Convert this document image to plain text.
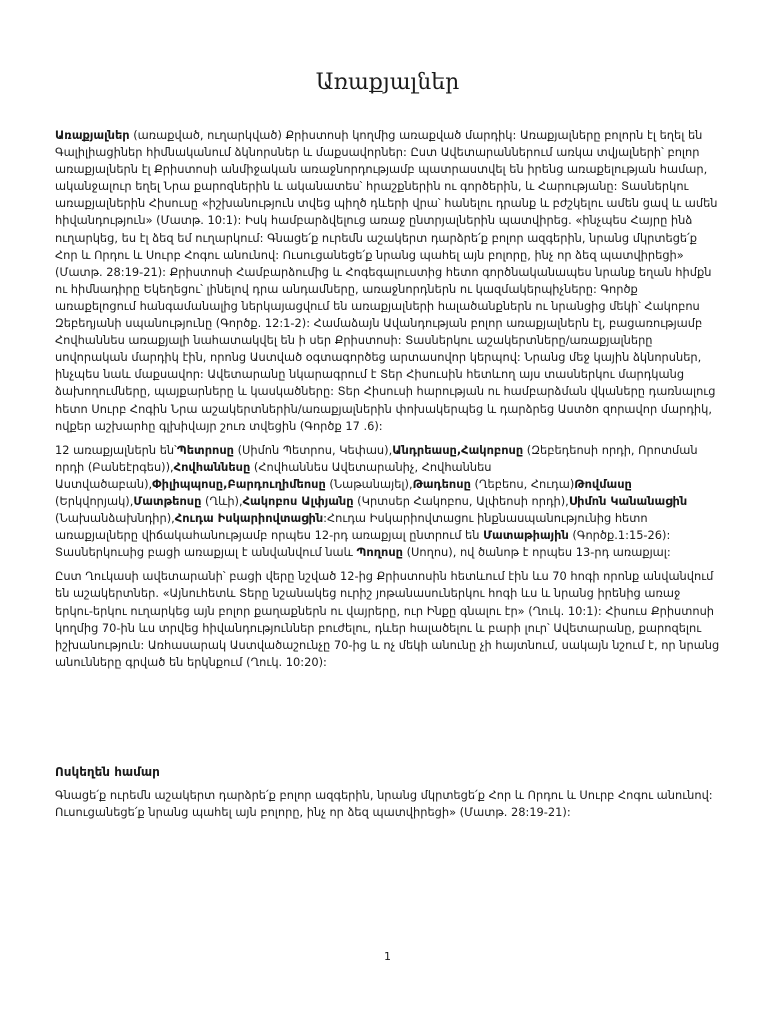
Առաքյալներ

Առաքյալներ (առաքված, ուղարկված) Քրիստոսի կողմից առաքված մարդիկ: Առաքյալները բոլորն էլ եղել են Գալիլիացիներ հիմնականում ձկնորսներ և մաքսավորներ: Ըստ Ավետարաններում առկա տվյալների՝ բոլոր առաքյալներն էլ Քրիստոսի անմիջական առաջնորդությամբ պատրաստվել են իրենց առաքելության համար, ականջալուր եղել Նրա քարոզներին և ականատես՝ հրաշքներին ու գործերին, և Հարությանը: Տասներկու առաքյալներին Հիսուսը «իշխանություն տվեց պիղծ դևերի վրա՝ հանելու դրանք և բժշկելու ամեն ցավ և ամեն հիվանդություն» (Մատթ. 10:1): Իսկ համբարձվելուց առաջ ընտրյալներին պատվիրեց. «ինչպես Հայրը ինձ ուղարկեց, ես էլ ձեզ եմ ուղարկում: Գնացե՛ք ուրեմն աշակերտ դարձրե՛ք բոլոր ազգերին, նրանց մկրտեցե՛ք Հոր և Որդու և Սուրբ Հոգու անունով: Ուսուցանեցե՛ք նրանց պահել այն բոլորը, ինչ որ ձեզ պատվիրեցի» (Մատթ. 28:19-21): Քրիստոսի Համբարձումից և Հոգեգալուստից հետո գործնականապես նրանք եղան հիմքն ու հիմնադիրը Եկեղեցու՝ լինելով դրա անդամները, առաջնորդներն ու կազմակերպիչները: Գործք առաքելոցում հանգամանալից ներկայացվում են առաքյալների հալածանքներն ու նրանցից մեկի՝ Հակոբոս Զեբեդյանի սպանությունը (Գործք. 12:1-2): Համաձայն Ավանդության բոլոր առաքյալներն էլ, բացառությամբ Հովհաննես առաքյալի նահատակվել են ի սեր Քրիստոսի: Տասներկու աշակերտները/առաքյալները սովորական մարդիկ էին, որոնց Աստված օգտագործեց արտասովոր կերպով: Նրանց մեջ կային ձկնորսներ, ինչպես նաև մաքսավոր: Ավետարանը նկարագրում է Տեր Հիսուսին հետևող այս տասներկու մարդկանց ձախողումները, պայքարները և կասկածները: Տեր Հիսուսի հարության ու համբարձման վկաները դառնալուց հետո Սուրբ Հոգին Նրա աշակերտներին/առաքյալներին փոխակերպեց և դարձրեց Աստծո զորավոր մարդիկ, ովքեր աշխարհը գլխիվայր շուռ տվեցին (Գործք 17 .6):

12 առաքյալներն են՝Պետրոսը (Սիմոն Պետրոս, Կեփաս),Անդրեասը,Հակոբոսը (Զեբեդեոսի որդի, Որոտման որդի (Բանեէրգես)),Հովհաննեսը (Հովհաննես Ավետարանիչ, Հովհաննես Աստվածաբան),Փիլիպպոսը,Բարդուղիմեոսը (Նաթանայել),Թադեոսը (Ղեբեոս, Հուդա)Թովմասը (Երկվորյակ),Մատթեոսը (Ղևի),Հակոբոս Ալփյանը (Կրտսեր Հակոբոս, Ալփեոսի որդի),Սիմոն Կանանացին (Նախանձախնդիր),Հուդա Իսկարիովտացին:Հուդա Իսկարիովտացու ինքնասպանությունից հետո առաքյալները վիճակահանությամբ որպես 12-րդ առաքյալ ընտրում են Մատաթիային (Գործք.1:15-26): Տասներկուսից բացի առաքյալ է անվանվում նաև Պողոսը (Սողոս), ով ծանոթ է որպես 13-րդ առաքյալ:

Ըստ Ղուկասի ավետարանի՝ բացի վերը նշված 12-ից Քրիստոսին հետևում էին ևս 70 հոգի որոնք անվանվում են աշակերտներ. «Այնուհետև Տերը նշանակեց ուրիշ յոթանասուներկու հոգի ևս և նրանց իրենից առաջ երկու-երկու ուղարկեց այն բոլոր քաղաքներն ու վայրերը, ուր Ինքը գնալու էր» (Ղուկ. 10:1): Հիսուս Քրիստոսի կողմից 70-ին ևս տրվեց հիվանդություններ բուժելու, դևեր հալածելու և բարի լուր՝ Ավետարանը, քարոզելու իշխանություն: Առհասարակ Աստվածաշունչը 70-ից և ոչ մեկի անունը չի հայտնում, սակայն նշում է, որ նրանց անունները գրված են երկնքում (Ղուկ. 10:20):

Ոսկեղեն համար

Գնացե՛ք ուրեմն աշակերտ դարձրե՛ք բոլոր ազգերին, նրանց մկրտեցե՛ք Հոր և Որդու և Սուրբ Հոգու անունով: Ուսուցանեցե՛ք նրանց պահել այն բոլորը, ինչ որ ձեզ պատվիրեցի» (Մատթ. 28:19-21):

1
